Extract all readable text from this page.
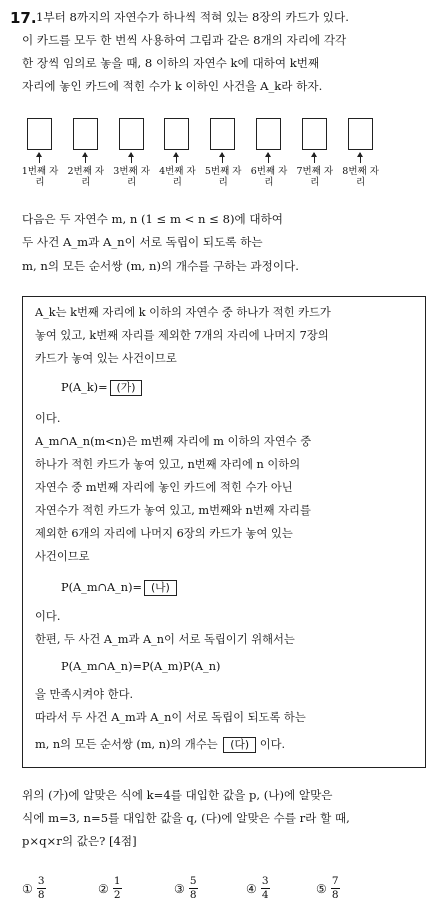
17. 1부터 8까지의 자연수가 하나씩 적혀 있는 8장의 카드가 있다.
이 카드를 모두 한 번씩 사용하여 그림과 같은 8개의 자리에 각각
한 장씩 임의로 놓을 때, 8 이하의 자연수 k에 대하여 k번째
자리에 놓인 카드에 적힌 수가 k 이하인 사건을 A_k라 하자.
1번째 자리
2번째 자리
3번째 자리
4번째 자리
5번째 자리
6번째 자리
7번째 자리
8번째 자리
다음은 두 자연수 m, n (1 ≤ m < n ≤ 8)에 대하여
두 사건 A_m과 A_n이 서로 독립이 되도록 하는
m, n의 모든 순서쌍 (m, n)의 개수를 구하는 과정이다.
A_k는 k번째 자리에 k 이하의 자연수 중 하나가 적힌 카드가
놓여 있고, k번째 자리를 제외한 7개의 자리에 나머지 7장의
카드가 놓여 있는 사건이므로
P(A_k)= (가)
이다.
A_m∩A_n(m<n)은 m번째 자리에 m 이하의 자연수 중
하나가 적힌 카드가 놓여 있고, n번째 자리에 n 이하의
자연수 중 m번째 자리에 놓인 카드에 적힌 수가 아닌
자연수가 적힌 카드가 놓여 있고, m번째와 n번째 자리를
제외한 6개의 자리에 나머지 6장의 카드가 놓여 있는
사건이므로
P(A_m∩A_n)= (나)
이다.
한편, 두 사건 A_m과 A_n이 서로 독립이기 위해서는
P(A_m∩A_n)=P(A_m)P(A_n)
을 만족시켜야 한다.
따라서 두 사건 A_m과 A_n이 서로 독립이 되도록 하는
m, n의 모든 순서쌍 (m, n)의 개수는 (다) 이다.
위의 (가)에 알맞은 식에 k=4를 대입한 값을 p, (나)에 알맞은
식에 m=3, n=5를 대입한 값을 q, (다)에 알맞은 수를 r라 할 때,
p×q×r의 값은? [4점]
① $\frac{3}{8}$	② $\frac{1}{2}$	③ $\frac{5}{8}$	④ $\frac{3}{4}$	⑤ $\frac{7}{8}$
